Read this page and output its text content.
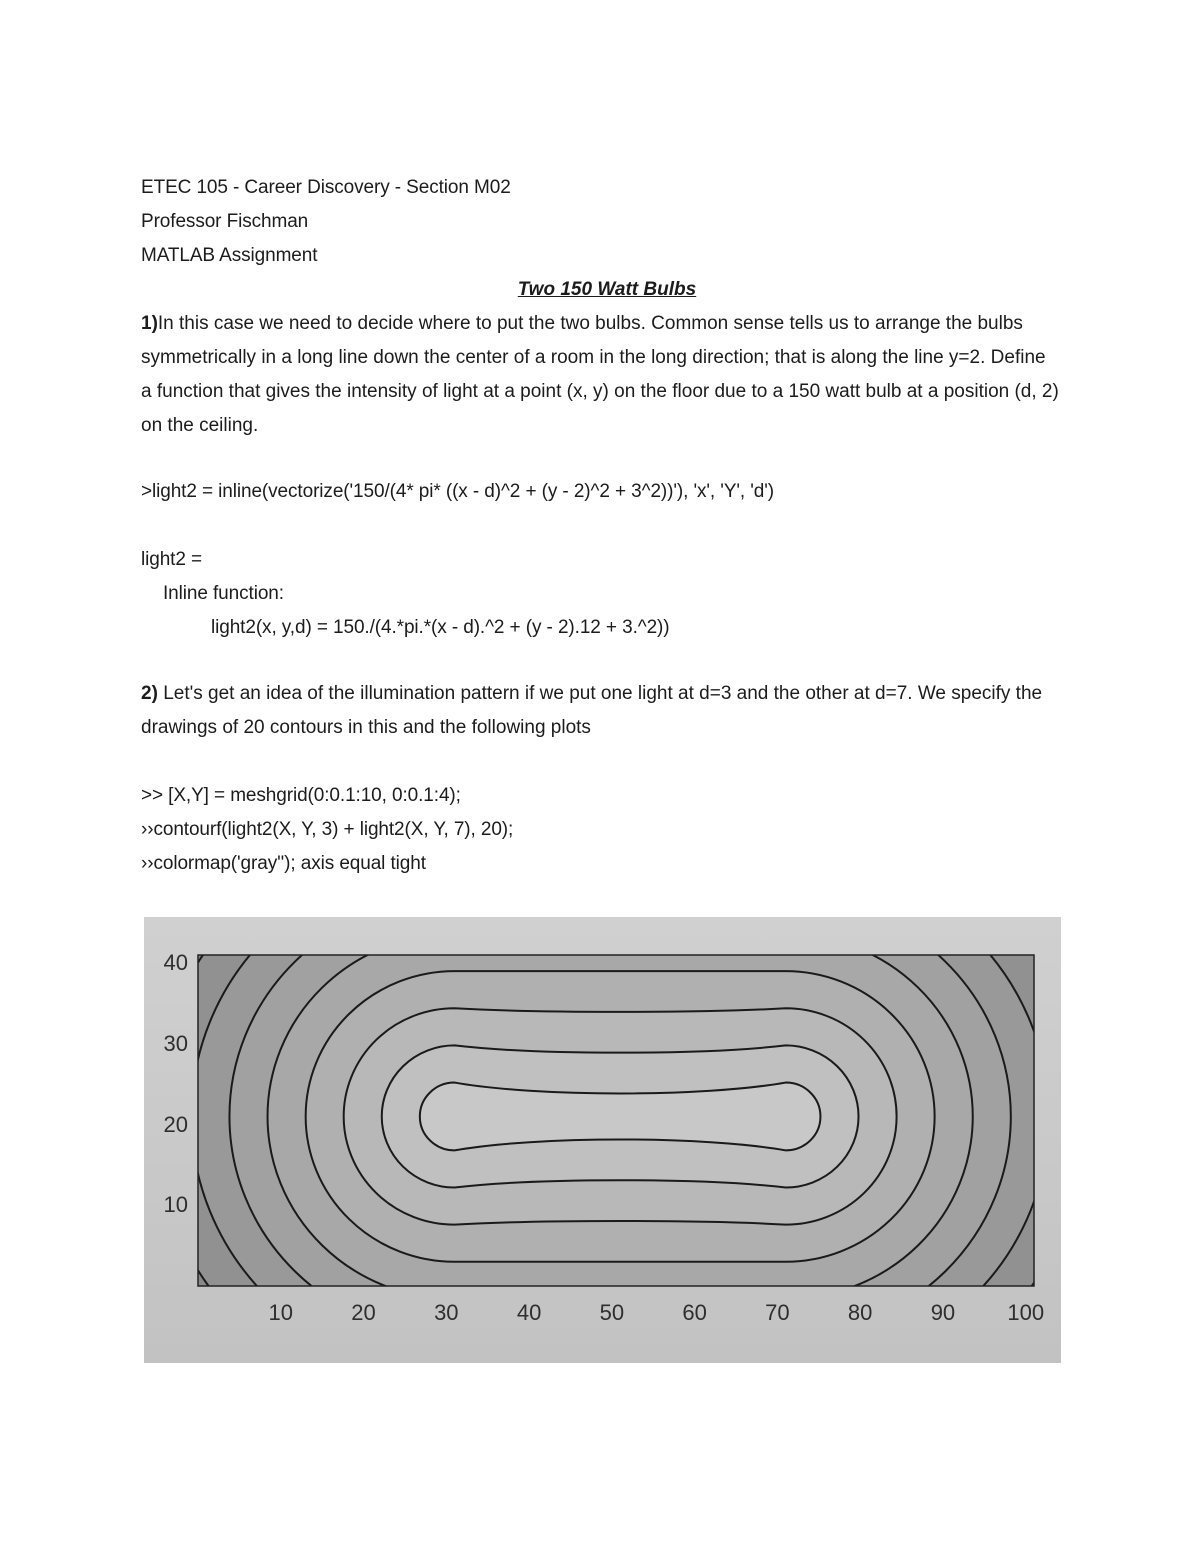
ETEC 105 - Career Discovery - Section M02
Professor Fischman
MATLAB Assignment
Two 150 Watt Bulbs
1)In this case we need to decide where to put the two bulbs. Common sense tells us to arrange the bulbs symmetrically in a long line down the center of a room in the long direction; that is along the line y=2. Define a function that gives the intensity of light at a point (x, y) on the floor due to a 150 watt bulb at a position (d, 2) on the ceiling.
>light2 = inline(vectorize('150/(4* pi* ((x - d)^2 + (y - 2)^2 + 3^2))'), 'x', 'Y', 'd')
light2 =
Inline function:
light2(x, y,d) = 150./(4.*pi.*(x - d).^2 + (y - 2).12 + 3.^2))
2) Let's get an idea of the illumination pattern if we put one light at d=3 and the other at d=7. We specify the drawings of 20 contours in this and the following plots
>> [X,Y] = meshgrid(0:0.1:10, 0:0.1:4);
››contourf(light2(X, Y, 3) + light2(X, Y, 7), 20);
››colormap('gray''); axis equal tight
10
20
30
40
10	20	30	40	50	60	70	80	90	100
